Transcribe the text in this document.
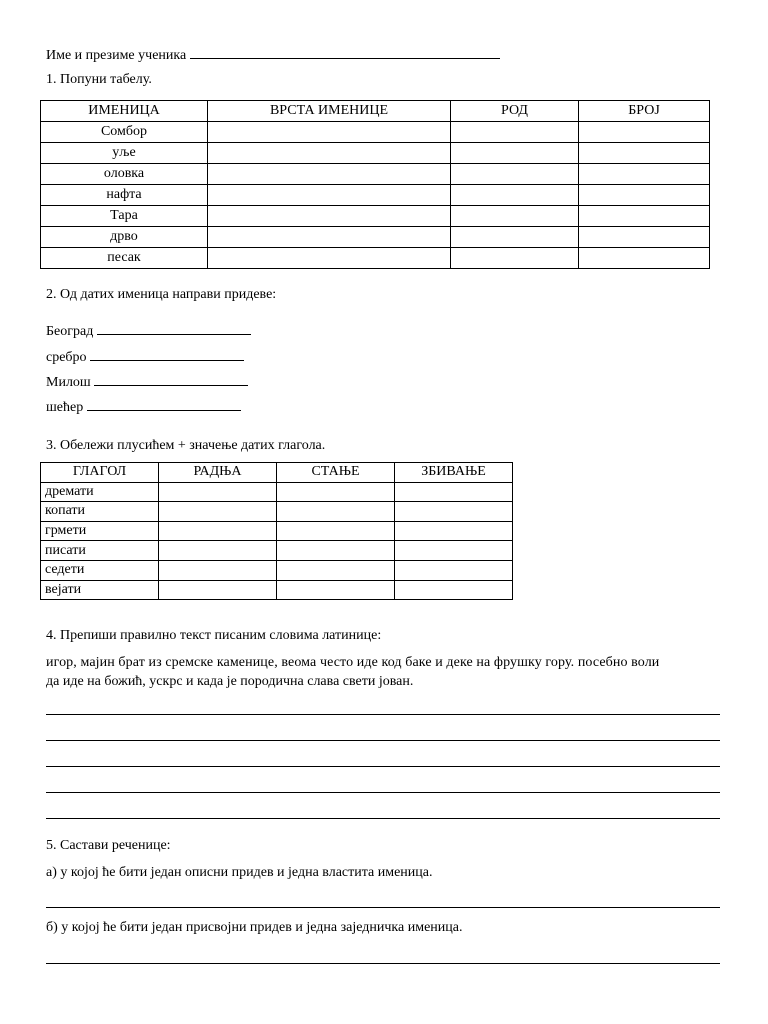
Име и презиме ученика
1. Попуни табелу.
ИМЕНИЦА	ВРСТА ИМЕНИЦЕ	РОД	БРОЈ
Сомбор			
уље			
оловка			
нафта			
Тара			
дрво			
песак			
2. Од датих именица направи придеве:
Београд
сребро
Милош
шећер
3. Обележи плусићем + значење датих глагола.
ГЛАГОЛ	РАДЊА	СТАЊЕ	ЗБИВАЊЕ
дремати			
копати			
грмети			
писати			
седети			
вејати			
4. Препиши правилно текст писаним словима латинице:
игор, мајин брат из сремске каменице, веома често иде код баке и деке на фрушку гору. посебно воли
да иде на божић, ускрс и када је породична слава свети јован.
5. Састави реченице:
а) у којој ће бити један описни придев и једна властита именица.
б) у којој ће бити један присвојни придев и једна заједничка именица.
